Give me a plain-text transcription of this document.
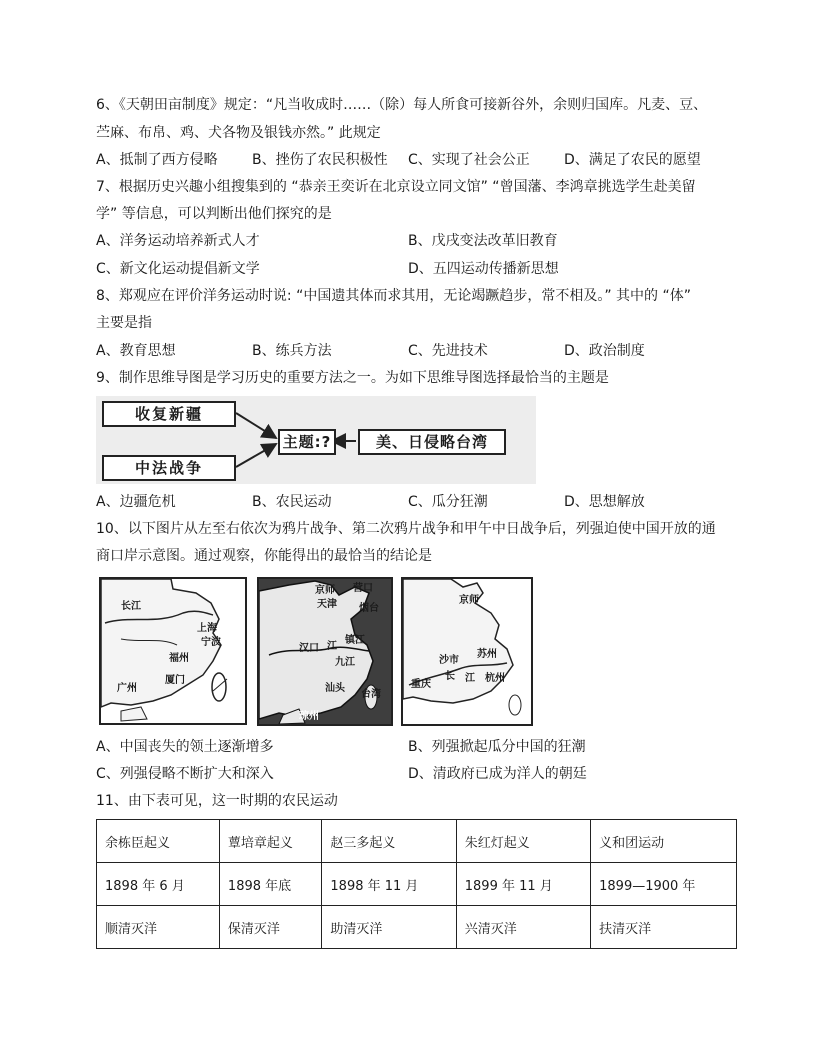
6、《天朝田亩制度》规定：“凡当收成时……（除）每人所食可接新谷外，余则归国库。凡麦、豆、
苎麻、布帛、鸡、犬各物及银钱亦然。” 此规定
A、抵制了西方侵略 B、挫伤了农民积极性 C、实现了社会公正 D、满足了农民的愿望
7、根据历史兴趣小组搜集到的 “恭亲王奕䜣在北京设立同文馆” “曾国藩、李鸿章挑选学生赴美留
学” 等信息，可以判断出他们探究的是
A、洋务运动培养新式人才	B、戊戌变法改革旧教育
C、新文化运动提倡新文学	D、五四运动传播新思想
8、郑观应在评价洋务运动时说: “中国遗其体而求其用，无论竭蹶趋步，常不相及。” 其中的 “体”
主要是指
A、教育思想	B、练兵方法	C、先进技术	D、政治制度
9、制作思维导图是学习历史的重要方法之一。为如下思维导图选择最恰当的主题是
收复新疆
中法战争
主题:?	美、日侵略台湾
A、边疆危机	B、农民运动	C、瓜分狂潮	D、思想解放
10、以下图片从左至右依次为鸦片战争、第二次鸦片战争和甲午中日战争后，列强迫使中国开放的通
商口岸示意图。通过观察，你能得出的最恰当的结论是
长江
上海
宁波
福州
厦门
广州
京师 营口
天津 烟台
汉口 江
镇江
九江
汕头
台湾
琼州
京师
苏州
沙市
重庆
长 江 杭州
A、中国丧失的领土逐渐增多	B、列强掀起瓜分中国的狂潮
C、列强侵略不断扩大和深入	D、清政府已成为洋人的朝廷
11、由下表可见，这一时期的农民运动
余栋臣起义	蕈培章起义	赵三多起义	朱红灯起义	义和团运动
1898 年 6 月	1898 年底	1898 年 11 月	1899 年 11 月	1899—1900 年
顺清灭洋	保清灭洋	助清灭洋	兴清灭洋	扶清灭洋
